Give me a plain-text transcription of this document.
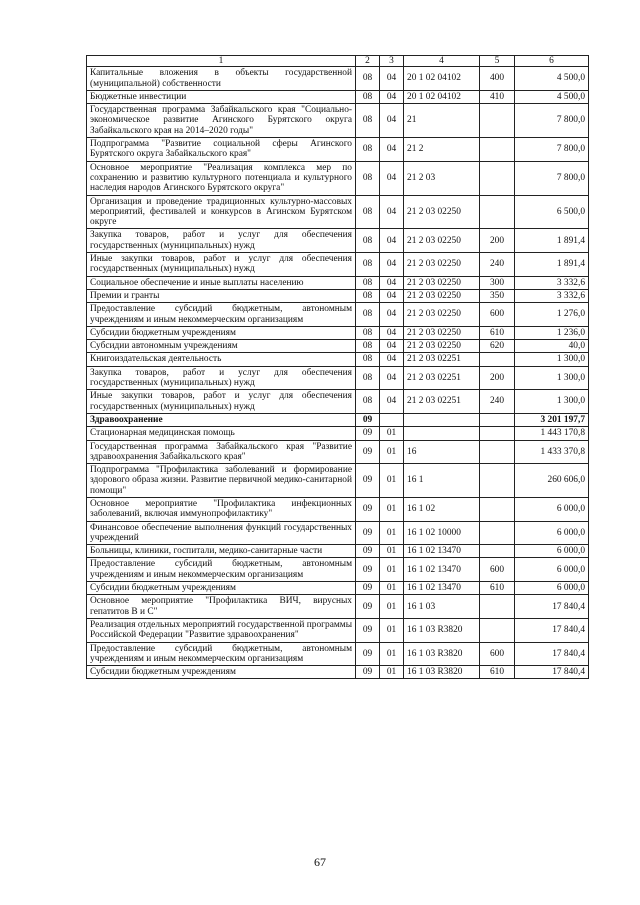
1	2	3	4	5	6
Капитальные вложения в объекты государственной (муниципальной) собственности	08	04	20 1 02 04102	400	4 500,0
Бюджетные инвестиции	08	04	20 1 02 04102	410	4 500,0
Государственная программа Забайкальского края "Социально-экономическое развитие Агинского Бурятского округа Забайкальского края на 2014–2020 годы"	08	04	21		7 800,0
Подпрограмма "Развитие социальной сферы Агинского Бурятского округа Забайкальского края"	08	04	21 2		7 800,0
Основное мероприятие "Реализация комплекса мер по сохранению и развитию культурного потенциала и культурного наследия народов Агинского Бурятского округа"	08	04	21 2 03		7 800,0
Организация и проведение традиционных культурно-массовых мероприятий, фестивалей и конкурсов в Агинском Бурятском округе	08	04	21 2 03 02250		6 500,0
Закупка товаров, работ и услуг для обеспечения государственных (муниципальных) нужд	08	04	21 2 03 02250	200	1 891,4
Иные закупки товаров, работ и услуг для обеспечения государственных (муниципальных) нужд	08	04	21 2 03 02250	240	1 891,4
Социальное обеспечение и иные выплаты населению	08	04	21 2 03 02250	300	3 332,6
Премии и гранты	08	04	21 2 03 02250	350	3 332,6
Предоставление субсидий бюджетным, автономным учреждениям и иным некоммерческим организациям	08	04	21 2 03 02250	600	1 276,0
Субсидии бюджетным учреждениям	08	04	21 2 03 02250	610	1 236,0
Субсидии автономным учреждениям	08	04	21 2 03 02250	620	40,0
Книгоиздательская деятельность	08	04	21 2 03 02251		1 300,0
Закупка товаров, работ и услуг для обеспечения государственных (муниципальных) нужд	08	04	21 2 03 02251	200	1 300,0
Иные закупки товаров, работ и услуг для обеспечения государственных (муниципальных) нужд	08	04	21 2 03 02251	240	1 300,0
Здравоохранение	09				3 201 197,7
Стационарная медицинская помощь	09	01			1 443 170,8
Государственная программа Забайкальского края "Развитие здравоохранения Забайкальского края"	09	01	16		1 433 370,8
Подпрограмма "Профилактика заболеваний и формирование здорового образа жизни. Развитие первичной медико-санитарной помощи"	09	01	16 1		260 606,0
Основное мероприятие "Профилактика инфекционных заболеваний, включая иммунопрофилактику"	09	01	16 1 02		6 000,0
Финансовое обеспечение выполнения функций государственных учреждений	09	01	16 1 02 10000		6 000,0
Больницы, клиники, госпитали, медико-санитарные части	09	01	16 1 02 13470		6 000,0
Предоставление субсидий бюджетным, автономным учреждениям и иным некоммерческим организациям	09	01	16 1 02 13470	600	6 000,0
Субсидии бюджетным учреждениям	09	01	16 1 02 13470	610	6 000,0
Основное мероприятие "Профилактика ВИЧ, вирусных гепатитов В и С"	09	01	16 1 03		17 840,4
Реализация отдельных мероприятий государственной программы Российской Федерации "Развитие здравоохранения"	09	01	16 1 03 R3820		17 840,4
Предоставление субсидий бюджетным, автономным учреждениям и иным некоммерческим организациям	09	01	16 1 03 R3820	600	17 840,4
Субсидии бюджетным учреждениям	09	01	16 1 03 R3820	610	17 840,4
67
